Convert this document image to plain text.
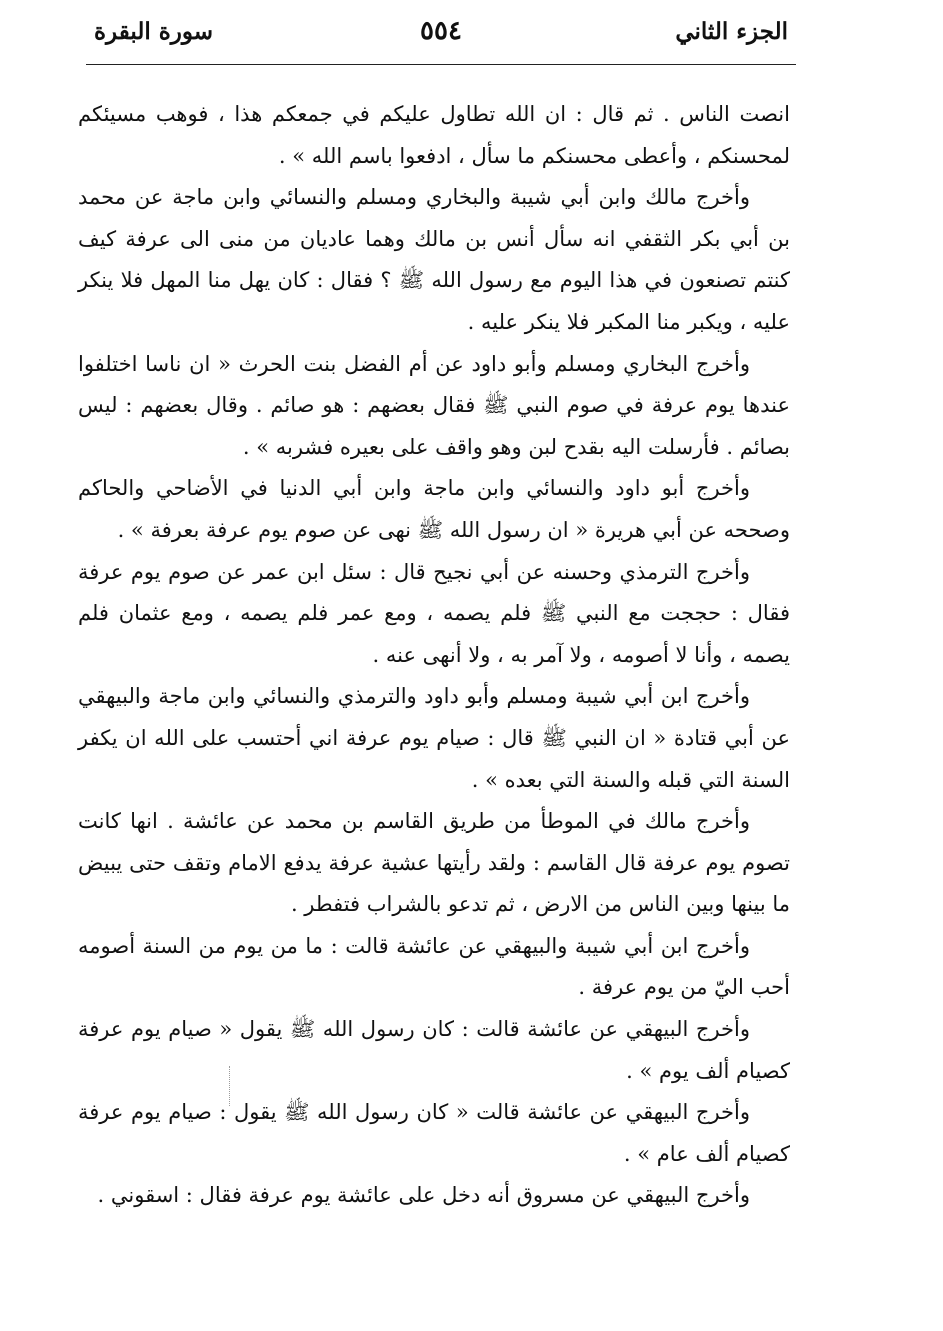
الجزء الثاني
٥٥٤
سورة البقرة

انصت الناس . ثم قال : ان الله تطاول عليكم في جمعكم هذا ، فوهب مسيئكم لمحسنكم ، وأعطى محسنكم ما سأل ، ادفعوا باسم الله » .

وأخرج مالك وابن أبي شيبة والبخاري ومسلم والنسائي وابن ماجة عن محمد بن أبي بكر الثقفي انه سأل أنس بن مالك وهما عاديان من منى الى عرفة كيف كنتم تصنعون في هذا اليوم مع رسول الله ﷺ ؟ فقال : كان يهل منا المهل فلا ينكر عليه ، ويكبر منا المكبر فلا ينكر عليه .

وأخرج البخاري ومسلم وأبو داود عن أم الفضل بنت الحرث « ان ناسا اختلفوا عندها يوم عرفة في صوم النبي ﷺ فقال بعضهم : هو صائم . وقال بعضهم : ليس بصائم . فأرسلت اليه بقدح لبن وهو واقف على بعيره فشربه » .

وأخرج أبو داود والنسائي وابن ماجة وابن أبي الدنيا في الأضاحي والحاكم وصححه عن أبي هريرة « ان رسول الله ﷺ نهى عن صوم يوم عرفة بعرفة » .

وأخرج الترمذي وحسنه عن أبي نجيح قال : سئل ابن عمر عن صوم يوم عرفة فقال : حججت مع النبي ﷺ فلم يصمه ، ومع عمر فلم يصمه ، ومع عثمان فلم يصمه ، وأنا لا أصومه ، ولا آمر به ، ولا أنهى عنه .

وأخرج ابن أبي شيبة ومسلم وأبو داود والترمذي والنسائي وابن ماجة والبيهقي عن أبي قتادة « ان النبي ﷺ قال : صيام يوم عرفة اني أحتسب على الله ان يكفر السنة التي قبله والسنة التي بعده » .

وأخرج مالك في الموطأ من طريق القاسم بن محمد عن عائشة . انها كانت تصوم يوم عرفة قال القاسم : ولقد رأيتها عشية عرفة يدفع الامام وتقف حتى يبيض ما بينها وبين الناس من الارض ، ثم تدعو بالشراب فتفطر .

وأخرج ابن أبي شيبة والبيهقي عن عائشة قالت : ما من يوم من السنة أصومه أحب اليّ من يوم عرفة .

وأخرج البيهقي عن عائشة قالت : كان رسول الله ﷺ يقول « صيام يوم عرفة كصيام ألف يوم » .

وأخرج البيهقي عن عائشة قالت « كان رسول الله ﷺ يقول : صيام يوم عرفة كصيام ألف عام » .

وأخرج البيهقي عن مسروق أنه دخل على عائشة يوم عرفة فقال : اسقوني .
